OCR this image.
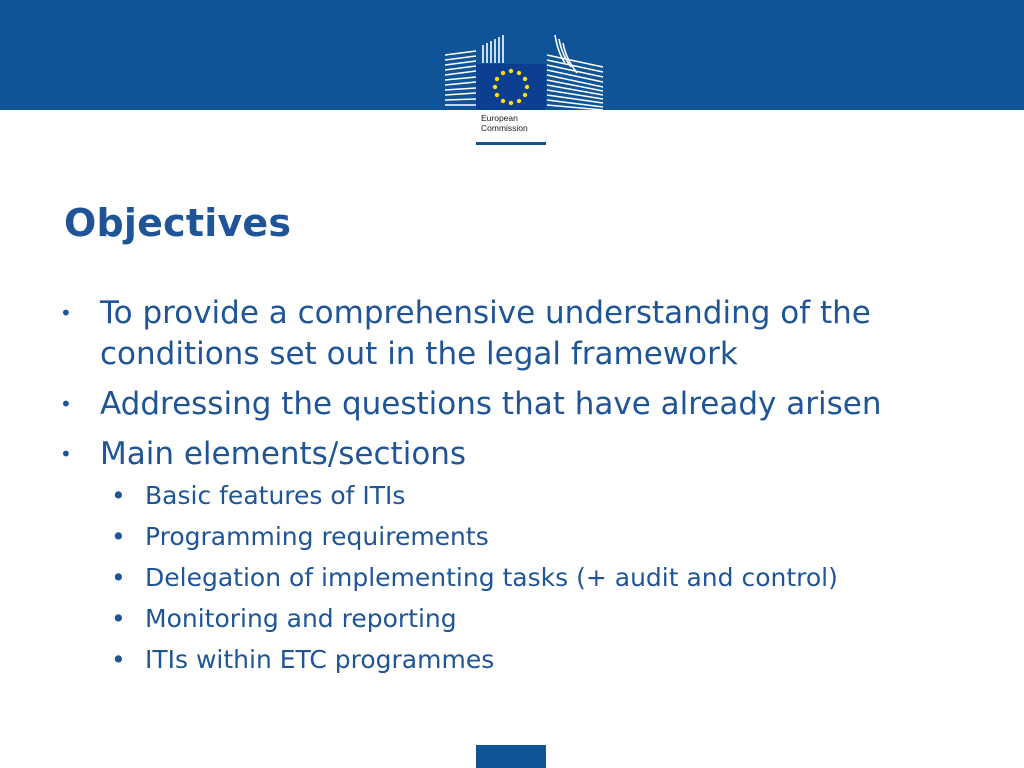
European
Commission
Objectives
• To provide a comprehensive understanding of the conditions set out in the legal framework
• Addressing the questions that have already arisen
• Main elements/sections
• Basic features of ITIs
• Programming requirements
• Delegation of implementing tasks (+ audit and control)
• Monitoring and reporting
• ITIs within ETC programmes
